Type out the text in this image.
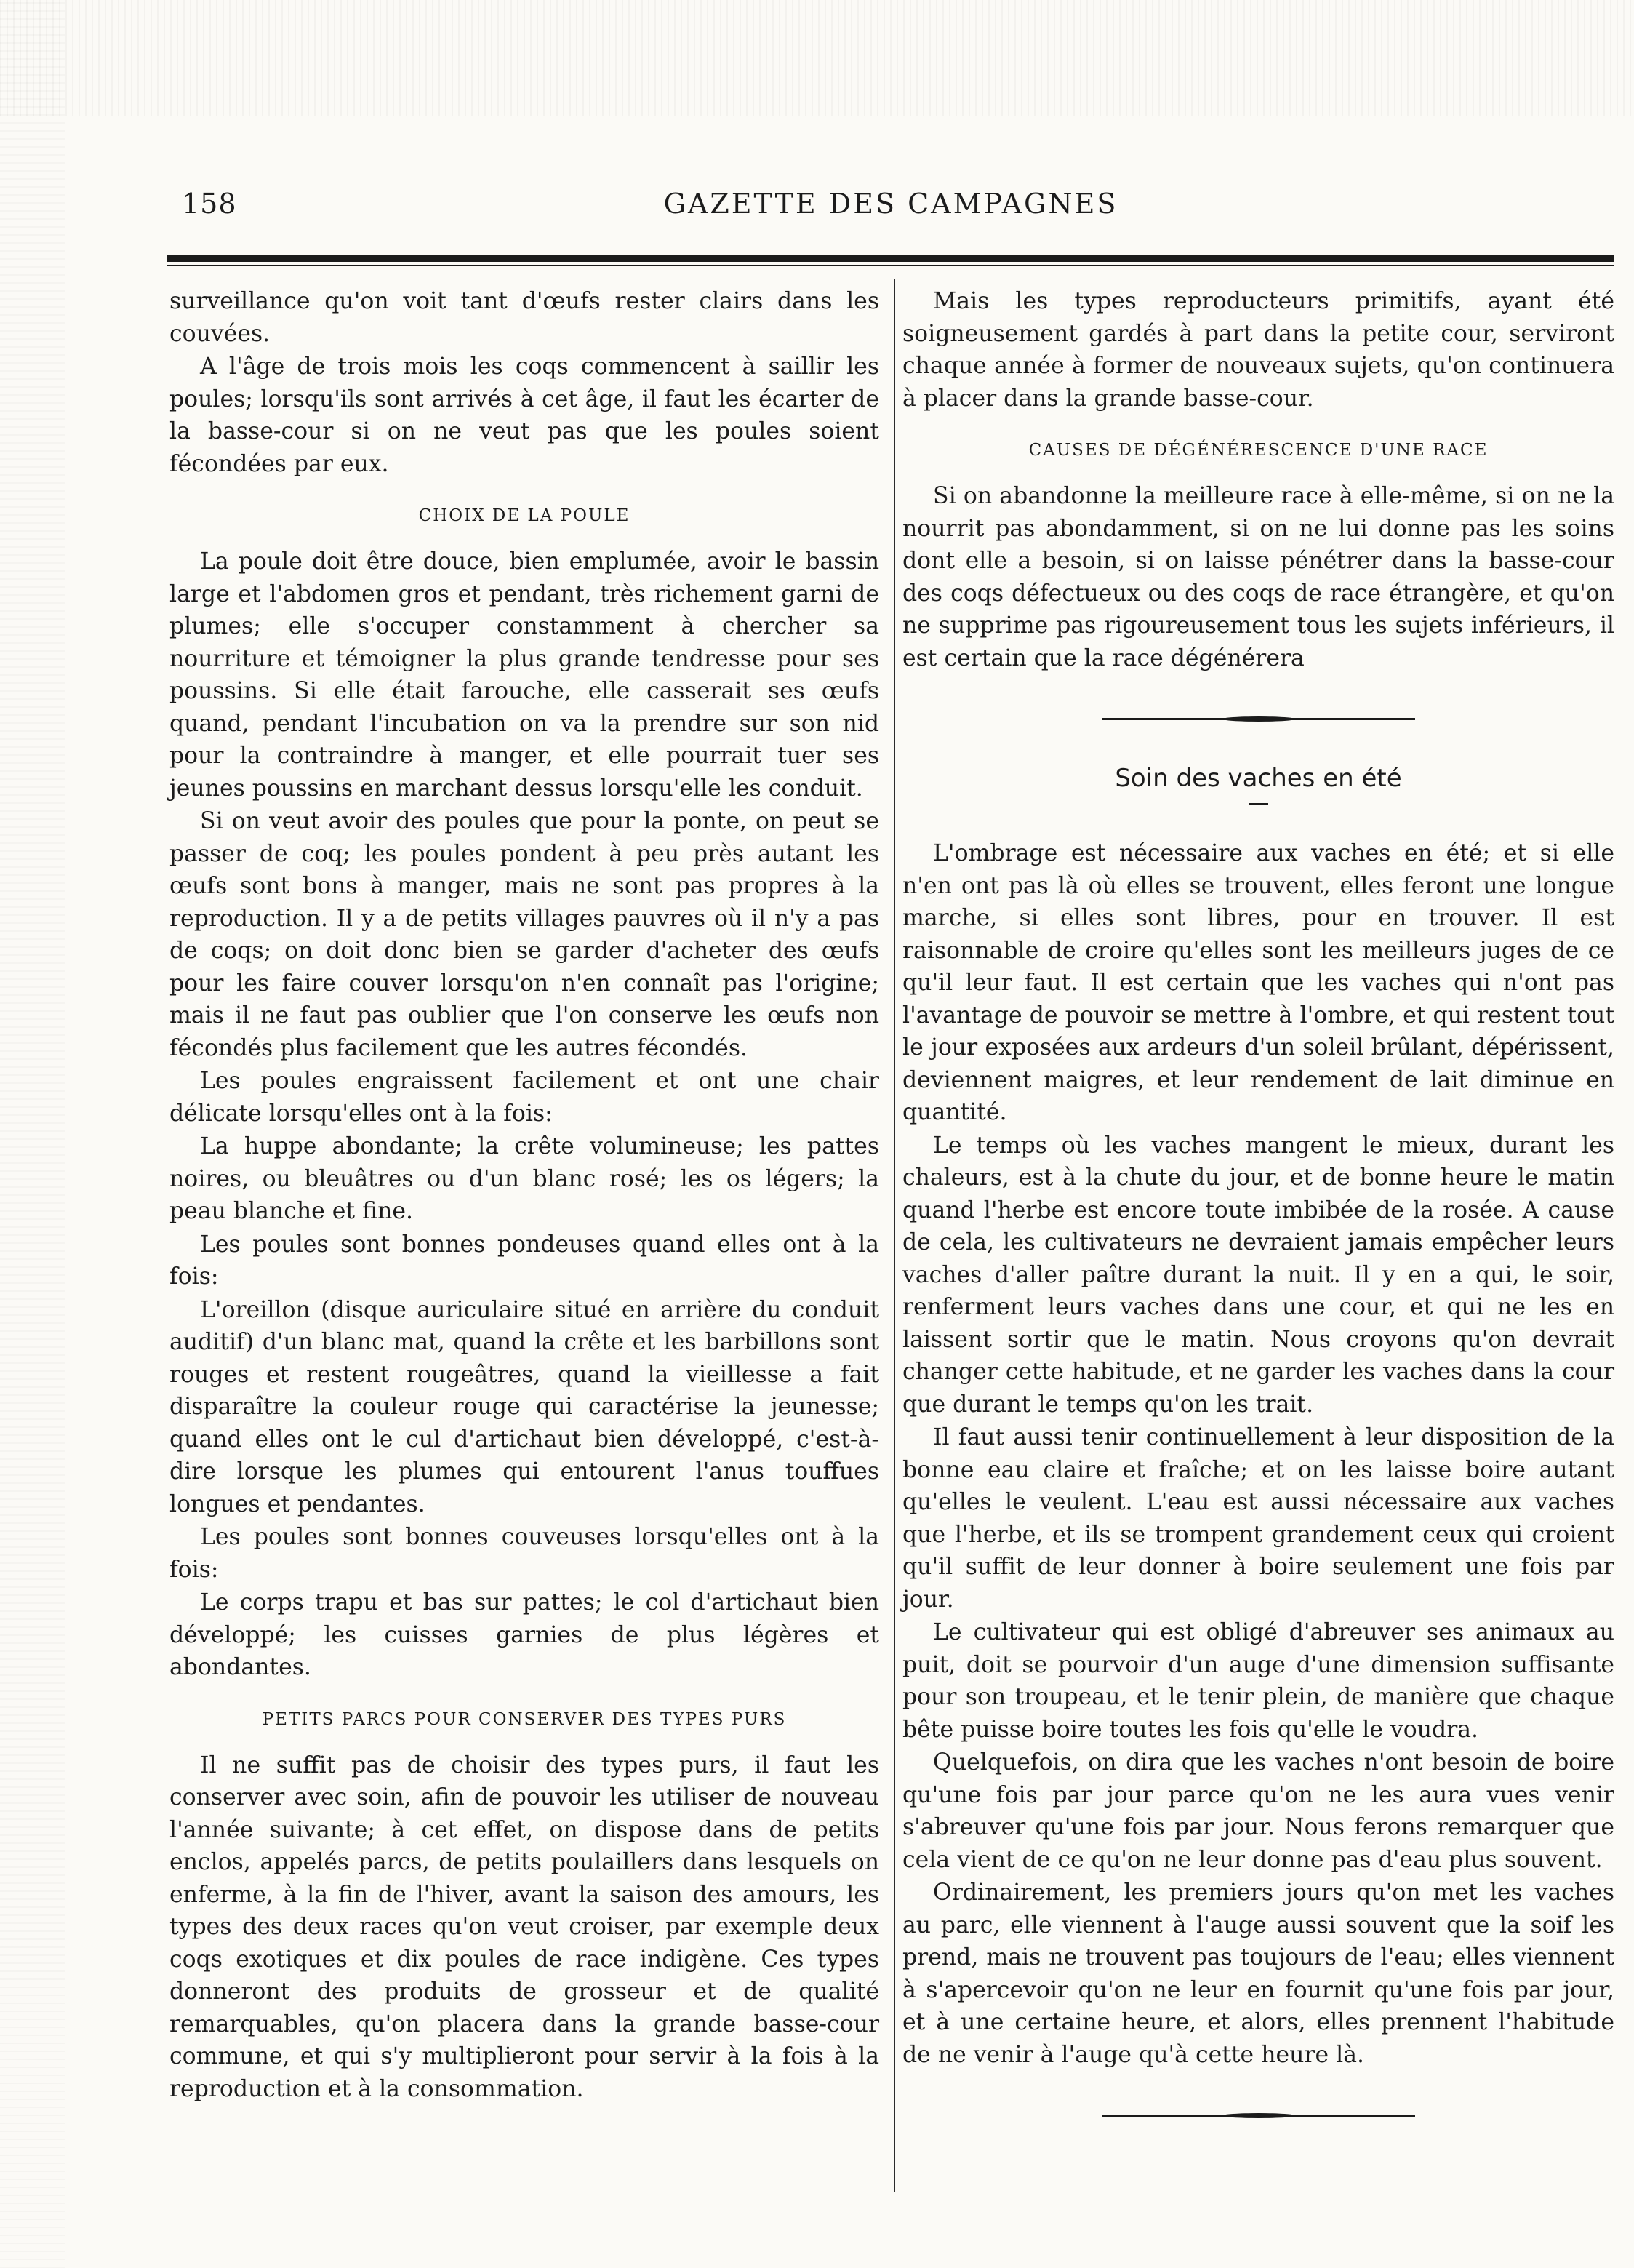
158	GAZETTE DES CAMPAGNES

surveillance qu'on voit tant d'œufs rester clairs dans les couvées.

A l'âge de trois mois les coqs commencent à saillir les poules; lorsqu'ils sont arrivés à cet âge, il faut les écarter de la basse-cour si on ne veut pas que les poules soient fécondées par eux.

CHOIX DE LA POULE

La poule doit être douce, bien emplumée, avoir le bassin large et l'abdomen gros et pendant, très richement garni de plumes; elle s'occuper constamment à chercher sa nourriture et témoigner la plus grande tendresse pour ses poussins. Si elle était farouche, elle casserait ses œufs quand, pendant l'incubation on va la prendre sur son nid pour la contraindre à manger, et elle pourrait tuer ses jeunes poussins en marchant dessus lorsqu'elle les conduit.

Si on veut avoir des poules que pour la ponte, on peut se passer de coq; les poules pondent à peu près autant les œufs sont bons à manger, mais ne sont pas propres à la reproduction. Il y a de petits villages pauvres où il n'y a pas de coqs; on doit donc bien se garder d'acheter des œufs pour les faire couver lorsqu'on n'en connaît pas l'origine; mais il ne faut pas oublier que l'on conserve les œufs non fécondés plus facilement que les autres fécondés.

Les poules engraissent facilement et ont une chair délicate lorsqu'elles ont à la fois:

La huppe abondante; la crête volumineuse; les pattes noires, ou bleuâtres ou d'un blanc rosé; les os légers; la peau blanche et fine.

Les poules sont bonnes pondeuses quand elles ont à la fois:

L'oreillon (disque auriculaire situé en arrière du conduit auditif) d'un blanc mat, quand la crête et les barbillons sont rouges et restent rougeâtres, quand la vieillesse a fait disparaître la couleur rouge qui caractérise la jeunesse; quand elles ont le cul d'artichaut bien développé, c'est-à-dire lorsque les plumes qui entourent l'anus touffues longues et pendantes.

Les poules sont bonnes couveuses lorsqu'elles ont à la fois:

Le corps trapu et bas sur pattes; le col d'artichaut bien développé; les cuisses garnies de plus légères et abondantes.

PETITS PARCS POUR CONSERVER DES TYPES PURS

Il ne suffit pas de choisir des types purs, il faut les conserver avec soin, afin de pouvoir les utiliser de nouveau l'année suivante; à cet effet, on dispose dans de petits enclos, appelés parcs, de petits poulaillers dans lesquels on enferme, à la fin de l'hiver, avant la saison des amours, les types des deux races qu'on veut croiser, par exemple deux coqs exotiques et dix poules de race indigène. Ces types donneront des produits de grosseur et de qualité remarquables, qu'on placera dans la grande basse-cour commune, et qui s'y multiplieront pour servir à la fois à la reproduction et à la consommation.

Mais les types reproducteurs primitifs, ayant été soigneusement gardés à part dans la petite cour, serviront chaque année à former de nouveaux sujets, qu'on continuera à placer dans la grande basse-cour.

CAUSES DE DÉGÉNÉRESCENCE D'UNE RACE

Si on abandonne la meilleure race à elle-même, si on ne la nourrit pas abondamment, si on ne lui donne pas les soins dont elle a besoin, si on laisse pénétrer dans la basse-cour des coqs défectueux ou des coqs de race étrangère, et qu'on ne supprime pas rigoureusement tous les sujets inférieurs, il est certain que la race dégénérera

Soin des vaches en été

L'ombrage est nécessaire aux vaches en été; et si elle n'en ont pas là où elles se trouvent, elles feront une longue marche, si elles sont libres, pour en trouver. Il est raisonnable de croire qu'elles sont les meilleurs juges de ce qu'il leur faut. Il est certain que les vaches qui n'ont pas l'avantage de pouvoir se mettre à l'ombre, et qui restent tout le jour exposées aux ardeurs d'un soleil brûlant, dépérissent, deviennent maigres, et leur rendement de lait diminue en quantité.

Le temps où les vaches mangent le mieux, durant les chaleurs, est à la chute du jour, et de bonne heure le matin quand l'herbe est encore toute imbibée de la rosée. A cause de cela, les cultivateurs ne devraient jamais empêcher leurs vaches d'aller paître durant la nuit. Il y en a qui, le soir, renferment leurs vaches dans une cour, et qui ne les en laissent sortir que le matin. Nous croyons qu'on devrait changer cette habitude, et ne garder les vaches dans la cour que durant le temps qu'on les trait.

Il faut aussi tenir continuellement à leur disposition de la bonne eau claire et fraîche; et on les laisse boire autant qu'elles le veulent. L'eau est aussi nécessaire aux vaches que l'herbe, et ils se trompent grandement ceux qui croient qu'il suffit de leur donner à boire seulement une fois par jour.

Le cultivateur qui est obligé d'abreuver ses animaux au puit, doit se pourvoir d'un auge d'une dimension suffisante pour son troupeau, et le tenir plein, de manière que chaque bête puisse boire toutes les fois qu'elle le voudra.

Quelquefois, on dira que les vaches n'ont besoin de boire qu'une fois par jour parce qu'on ne les aura vues venir s'abreuver qu'une fois par jour. Nous ferons remarquer que cela vient de ce qu'on ne leur donne pas d'eau plus souvent.

Ordinairement, les premiers jours qu'on met les vaches au parc, elle viennent à l'auge aussi souvent que la soif les prend, mais ne trouvent pas toujours de l'eau; elles viennent à s'apercevoir qu'on ne leur en fournit qu'une fois par jour, et à une certaine heure, et alors, elles prennent l'habitude de ne venir à l'auge qu'à cette heure là.
